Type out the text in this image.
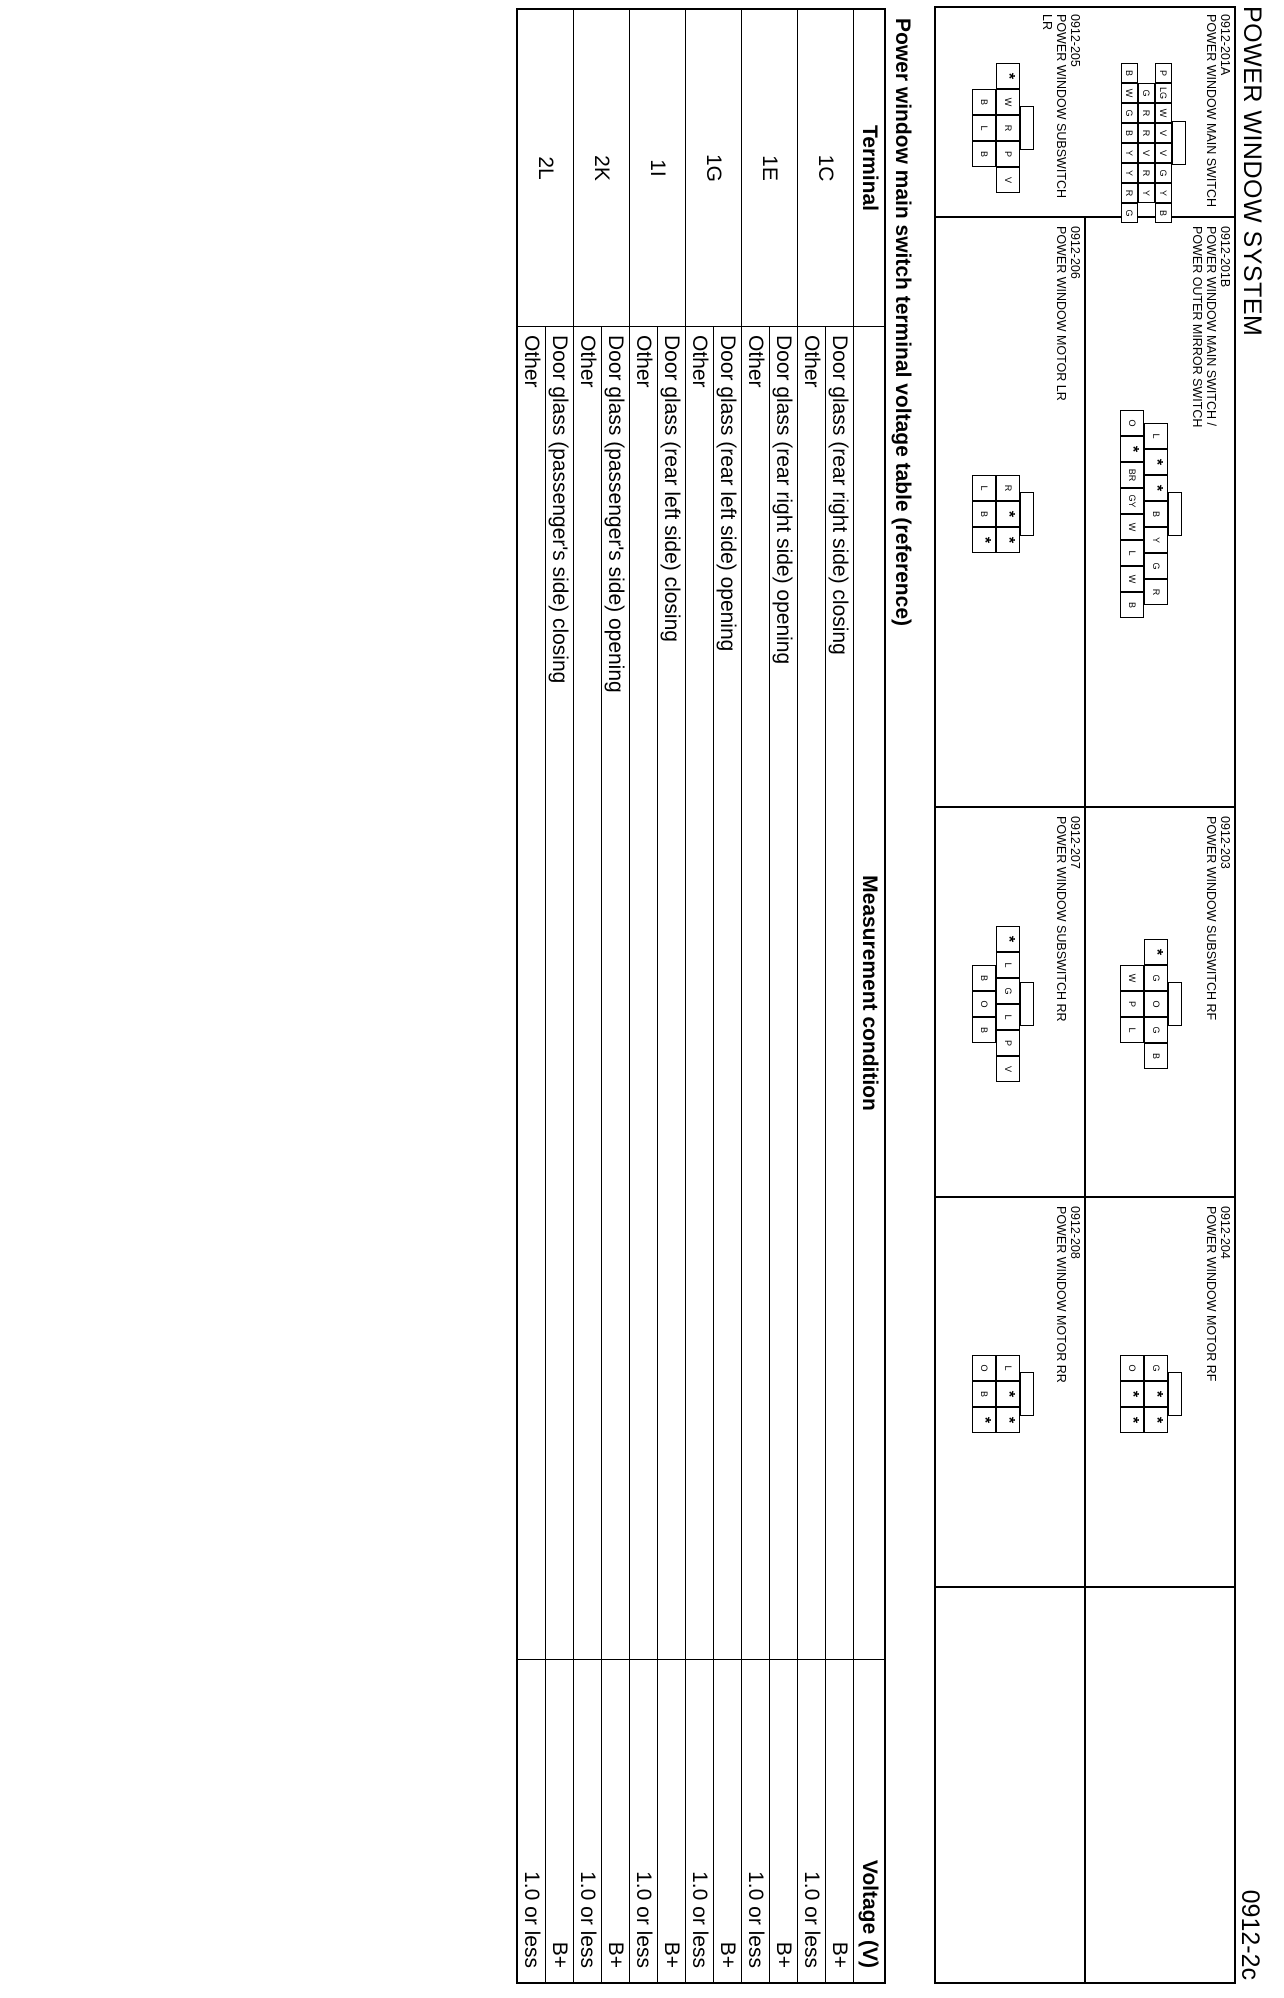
POWER WINDOW SYSTEM
0912-2c
0912-201A
POWER WINDOW MAIN SWITCH
P
LG
W
V
V
G
Y
B
G
R
R
V
R
Y
B
W
G
B
Y
Y
R
G
0912-201B
POWER WINDOW MAIN SWITCH /
POWER OUTER MIRROR SWITCH
L
*
*
B
Y
G
R
O
*
BR
GY
W
L
W
B
0912-203
POWER WINDOW SUBSWITCH RF
*
G
O
G
B
W
P
L
0912-204
POWER WINDOW MOTOR RF
G
*
*
O
*
*
0912-205
POWER WINDOW SUBSWITCH LR
*
W
R
P
V
B
L
B
0912-206
POWER WINDOW MOTOR LR
R
*
*
L
B
*
0912-207
POWER WINDOW SUBSWITCH RR
*
L
G
L
P
V
B
O
B
0912-208
POWER WINDOW MOTOR RR
L
*
*
O
B
*
Power window main switch terminal voltage table (reference)
Terminal	Measurement condition	Voltage (V)
1C	Door glass (rear right side) closing	B+
	Other	1.0 or less
1E	Door glass (rear right side) opening	B+
	Other	1.0 or less
1G	Door glass (rear left side) opening	B+
	Other	1.0 or less
1I	Door glass (rear left side) closing	B+
	Other	1.0 or less
2K	Door glass (passenger's side) opening	B+
	Other	1.0 or less
2L	Door glass (passenger's side) closing	B+
	Other	1.0 or less
